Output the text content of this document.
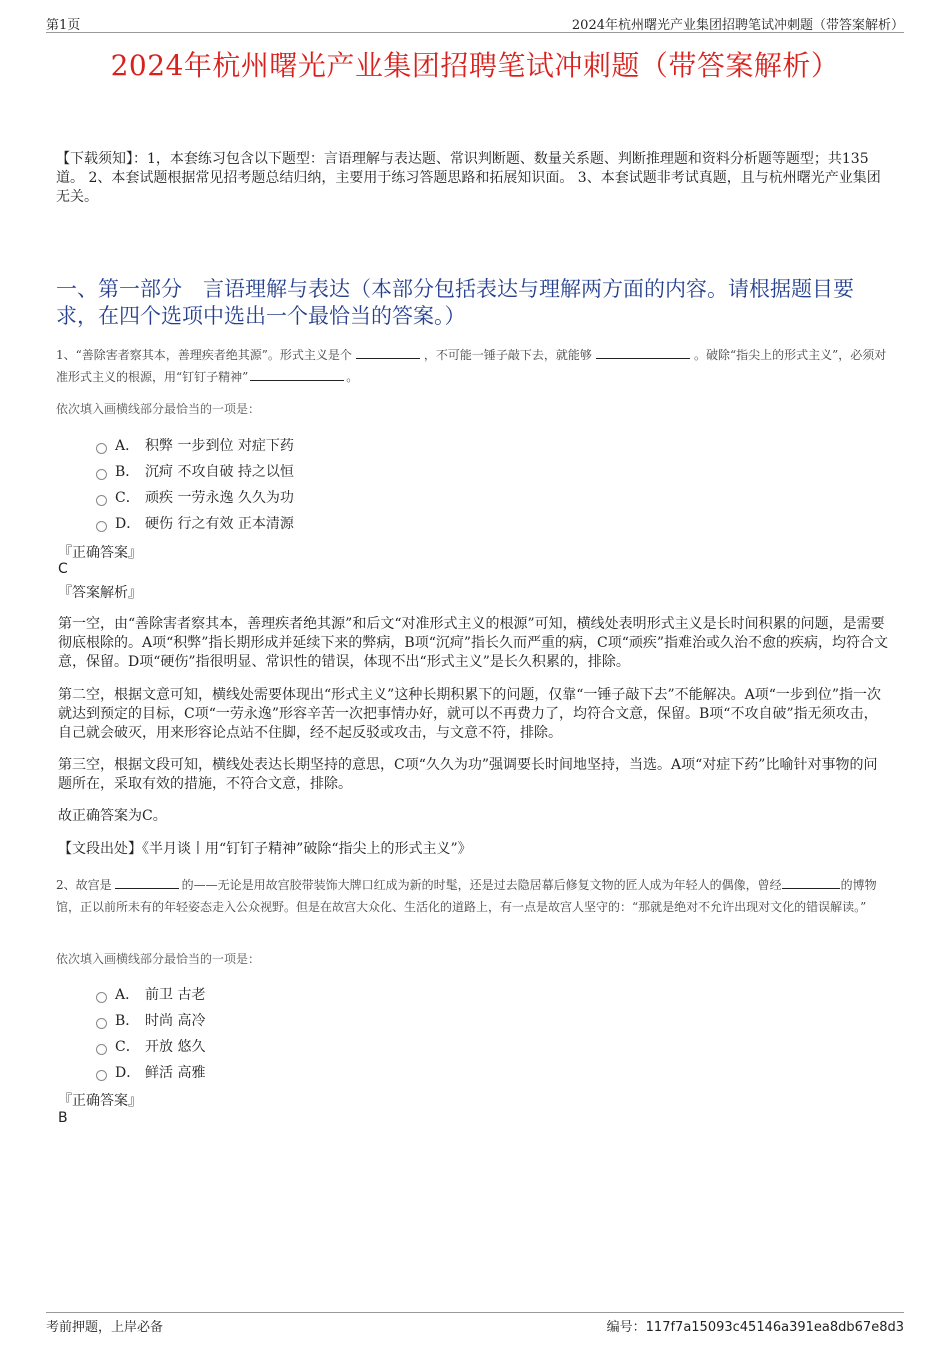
第1页	2024年杭州曙光产业集团招聘笔试冲刺题（带答案解析）
2024年杭州曙光产业集团招聘笔试冲刺题（带答案解析）
【下载须知】：1，本套练习包含以下题型：言语理解与表达题、常识判断题、数量关系题、判断推理题和资料分析题等题型；共135道。 2、本套试题根据常见招考题总结归纳，主要用于练习答题思路和拓展知识面。 3、本套试题非考试真题，且与杭州曙光产业集团无关。
一、第一部分　言语理解与表达（本部分包括表达与理解两方面的内容。请根据题目要求，在四个选项中选出一个最恰当的答案。）
1、“善除害者察其本，善理疾者绝其源”。形式主义是个	，不可能一锤子敲下去，就能够	。破除“指尖上的形式主义”，必须对准形式主义的根源，用“钉钉子精神”	。
依次填入画横线部分最恰当的一项是：
A． 积弊 一步到位 对症下药
B． 沉疴 不攻自破 持之以恒
C． 顽疾 一劳永逸 久久为功
D． 硬伤 行之有效 正本清源
『正确答案』
C
『答案解析』
第一空，由“善除害者察其本，善理疾者绝其源”和后文“对准形式主义的根源”可知，横线处表明形式主义是长时间积累的问题，是需要彻底根除的。A项“积弊”指长期形成并延续下来的弊病，B项“沉疴”指长久而严重的病，C项“顽疾”指难治或久治不愈的疾病，均符合文意，保留。D项“硬伤”指很明显、常识性的错误，体现不出“形式主义”是长久积累的，排除。
第二空，根据文意可知，横线处需要体现出“形式主义”这种长期积累下的问题，仅靠“一锤子敲下去”不能解决。A项“一步到位”指一次就达到预定的目标，C项“一劳永逸”形容辛苦一次把事情办好，就可以不再费力了，均符合文意，保留。B项“不攻自破”指无须攻击，自己就会破灭，用来形容论点站不住脚，经不起反驳或攻击，与文意不符，排除。
第三空，根据文段可知，横线处表达长期坚持的意思，C项“久久为功”强调要长时间地坚持，当选。A项“对症下药”比喻针对事物的问题所在，采取有效的措施，不符合文意，排除。
故正确答案为C。
【文段出处】《半月谈丨用“钉钉子精神”破除“指尖上的形式主义”》
2、故宫是	的——无论是用故宫胶带装饰大牌口红成为新的时髦，还是过去隐居幕后修复文物的匠人成为年轻人的偶像，曾经	的博物馆，正以前所未有的年轻姿态走入公众视野。但是在故宫大众化、生活化的道路上，有一点是故宫人坚守的：“那就是绝对不允许出现对文化的错误解读。”
依次填入画横线部分最恰当的一项是：
A． 前卫 古老
B． 时尚 高冷
C． 开放 悠久
D． 鲜活 高雅
『正确答案』
B
考前押题，上岸必备	编号：117f7a15093c45146a391ea8db67e8d3
